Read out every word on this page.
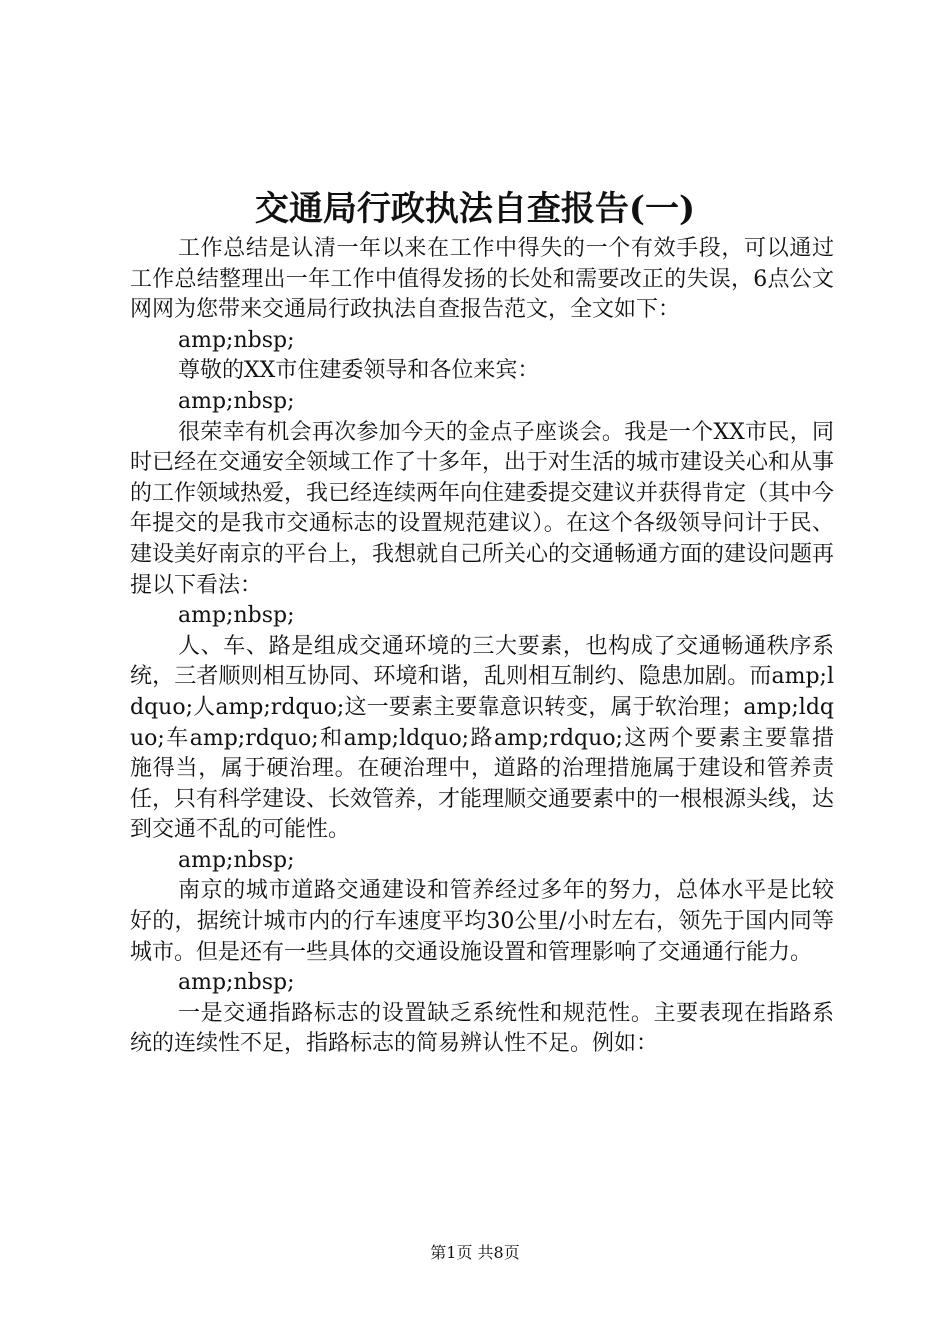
交通局行政执法自查报告(一)

工作总结是认清一年以来在工作中得失的一个有效手段，可以通过工作总结整理出一年工作中值得发扬的长处和需要改正的失误，6点公文网网为您带来交通局行政执法自查报告范文，全文如下：

amp;nbsp;

尊敬的XX市住建委领导和各位来宾：

amp;nbsp;

很荣幸有机会再次参加今天的金点子座谈会。我是一个XX市民，同时已经在交通安全领域工作了十多年，出于对生活的城市建设关心和从事的工作领域热爱，我已经连续两年向住建委提交建议并获得肯定（其中今年提交的是我市交通标志的设置规范建议）。在这个各级领导问计于民、建设美好南京的平台上，我想就自己所关心的交通畅通方面的建设问题再提以下看法：

amp;nbsp;

人、车、路是组成交通环境的三大要素，也构成了交通畅通秩序系统，三者顺则相互协同、环境和谐，乱则相互制约、隐患加剧。而amp;ldquo;人amp;rdquo;这一要素主要靠意识转变，属于软治理；amp;ldquo;车amp;rdquo;和amp;ldquo;路amp;rdquo;这两个要素主要靠措施得当，属于硬治理。在硬治理中，道路的治理措施属于建设和管养责任，只有科学建设、长效管养，才能理顺交通要素中的一根根源头线，达到交通不乱的可能性。

amp;nbsp;

南京的城市道路交通建设和管养经过多年的努力，总体水平是比较好的，据统计城市内的行车速度平均30公里/小时左右，领先于国内同等城市。但是还有一些具体的交通设施设置和管理影响了交通通行能力。

amp;nbsp;

一是交通指路标志的设置缺乏系统性和规范性。主要表现在指路系统的连续性不足，指路标志的简易辨认性不足。例如：

第1页 共8页
